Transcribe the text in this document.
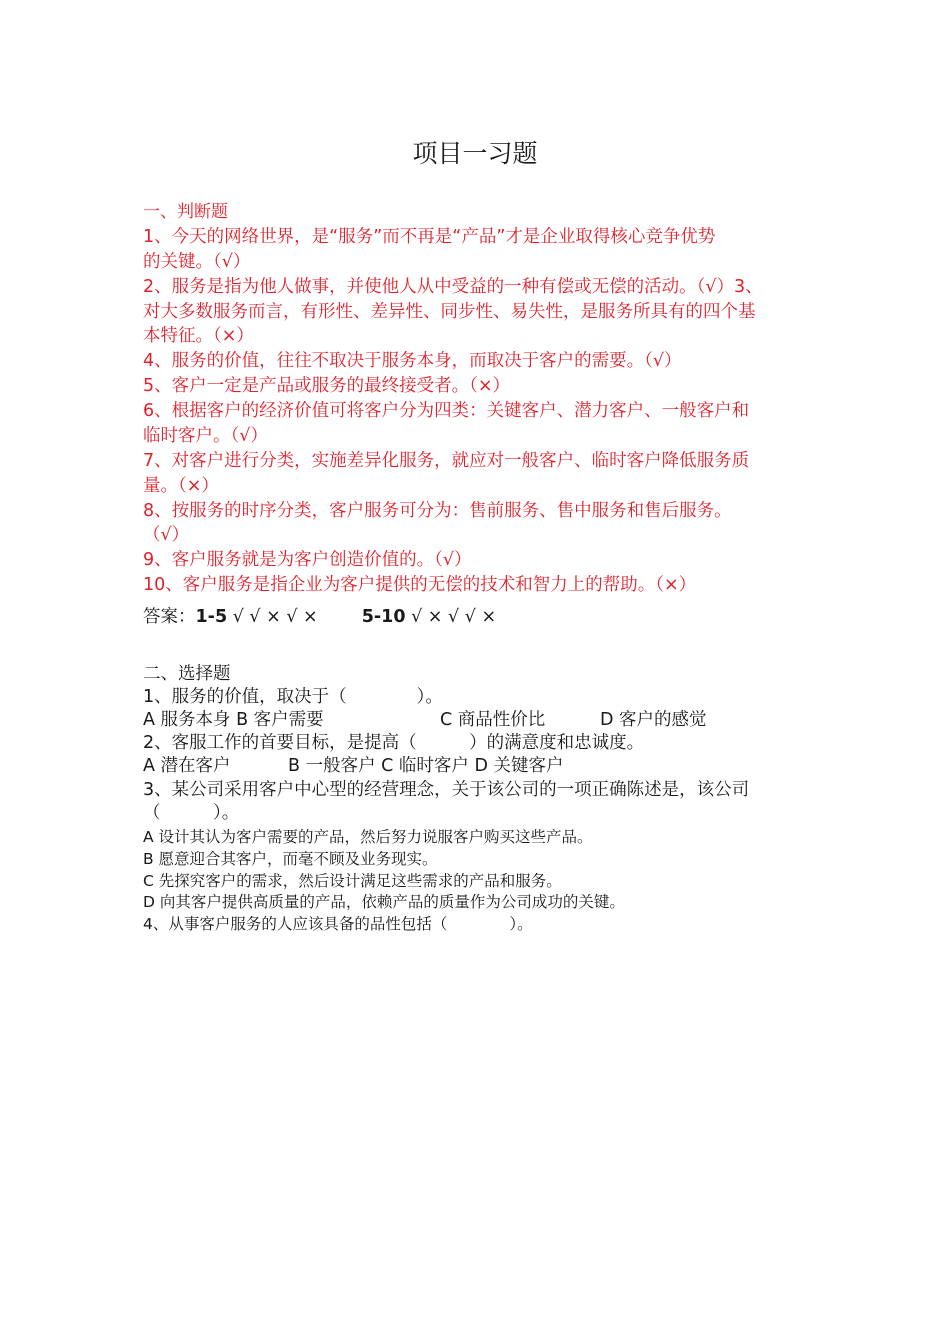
项目一习题
一、判断题
1、今天的网络世界，是“服务”而不再是“产品”才是企业取得核心竞争优势
的关键。（√）
2、服务是指为他人做事，并使他人从中受益的一种有偿或无偿的活动。（√）3、
对大多数服务而言，有形性、差异性、同步性、易失性，是服务所具有的四个基
本特征。（×）
4、服务的价值，往往不取决于服务本身，而取决于客户的需要。（√）
5、客户一定是产品或服务的最终接受者。（×）
6、根据客户的经济价值可将客户分为四类：关键客户、潜力客户、一般客户和
临时客户。（√）
7、对客户进行分类，实施差异化服务，就应对一般客户、临时客户降低服务质
量。（×）
8、按服务的时序分类，客户服务可分为：售前服务、售中服务和售后服务。
（√）
9、客户服务就是为客户创造价值的。（√）
10、客户服务是指企业为客户提供的无偿的技术和智力上的帮助。（×）
答案：1-5 √ √ × √ ×	5-10 √ × √ √ ×
二、选择题
1、服务的价值，取决于（　　　　）。
A 服务本身 B 客户需要	C 商品性价比	D 客户的感觉
2、客服工作的首要目标，是提高（　　　）的满意度和忠诚度。
A 潜在客户	B 一般客户 C 临时客户 D 关键客户
3、某公司采用客户中心型的经营理念，关于该公司的一项正确陈述是，该公司
（　　　）。
A 设计其认为客户需要的产品，然后努力说服客户购买这些产品。
B 愿意迎合其客户，而毫不顾及业务现实。
C 先探究客户的需求，然后设计满足这些需求的产品和服务。
D 向其客户提供高质量的产品，依赖产品的质量作为公司成功的关键。
4、从事客户服务的人应该具备的品性包括（　　　　）。
